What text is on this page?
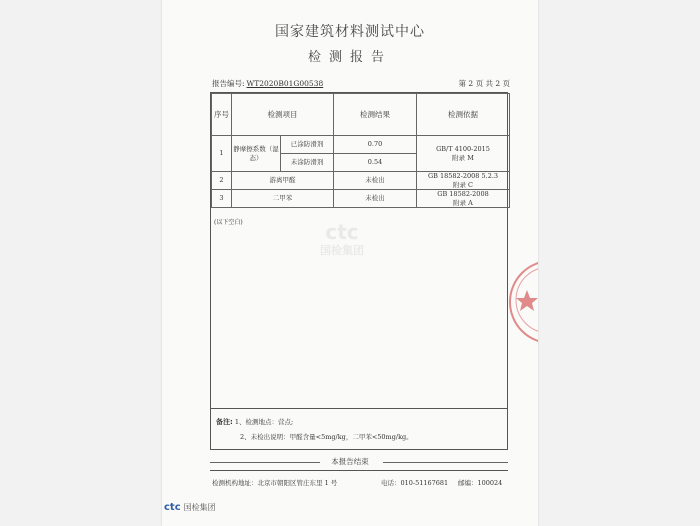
国家建筑材料测试中心
检测报告
报告编号: WT2020B01G00538	第 2 页 共 2 页
序号	检测项目		检测结果	检测依据
1	静摩擦系数（湿态）	已涂防滑剂	0.70	GB/T 4100-2015
附录 M

		未涂防滑剂	0.54	
2	游离甲醛		未检出	GB 18582-2008 5.2.3
附录 C

3	二甲苯		未检出	GB 18582-2008
附录 A
(以下空白)
备注: 1、检测地点：营点;
2、未检出说明：甲醛含量<5mg/kg，二甲苯<50mg/kg。
本报告结束
检测机构地址：北京市朝阳区管庄东里 1 号	电话：010-51167681 邮编：100024
ctc
国检集团
ctc 国检集团
